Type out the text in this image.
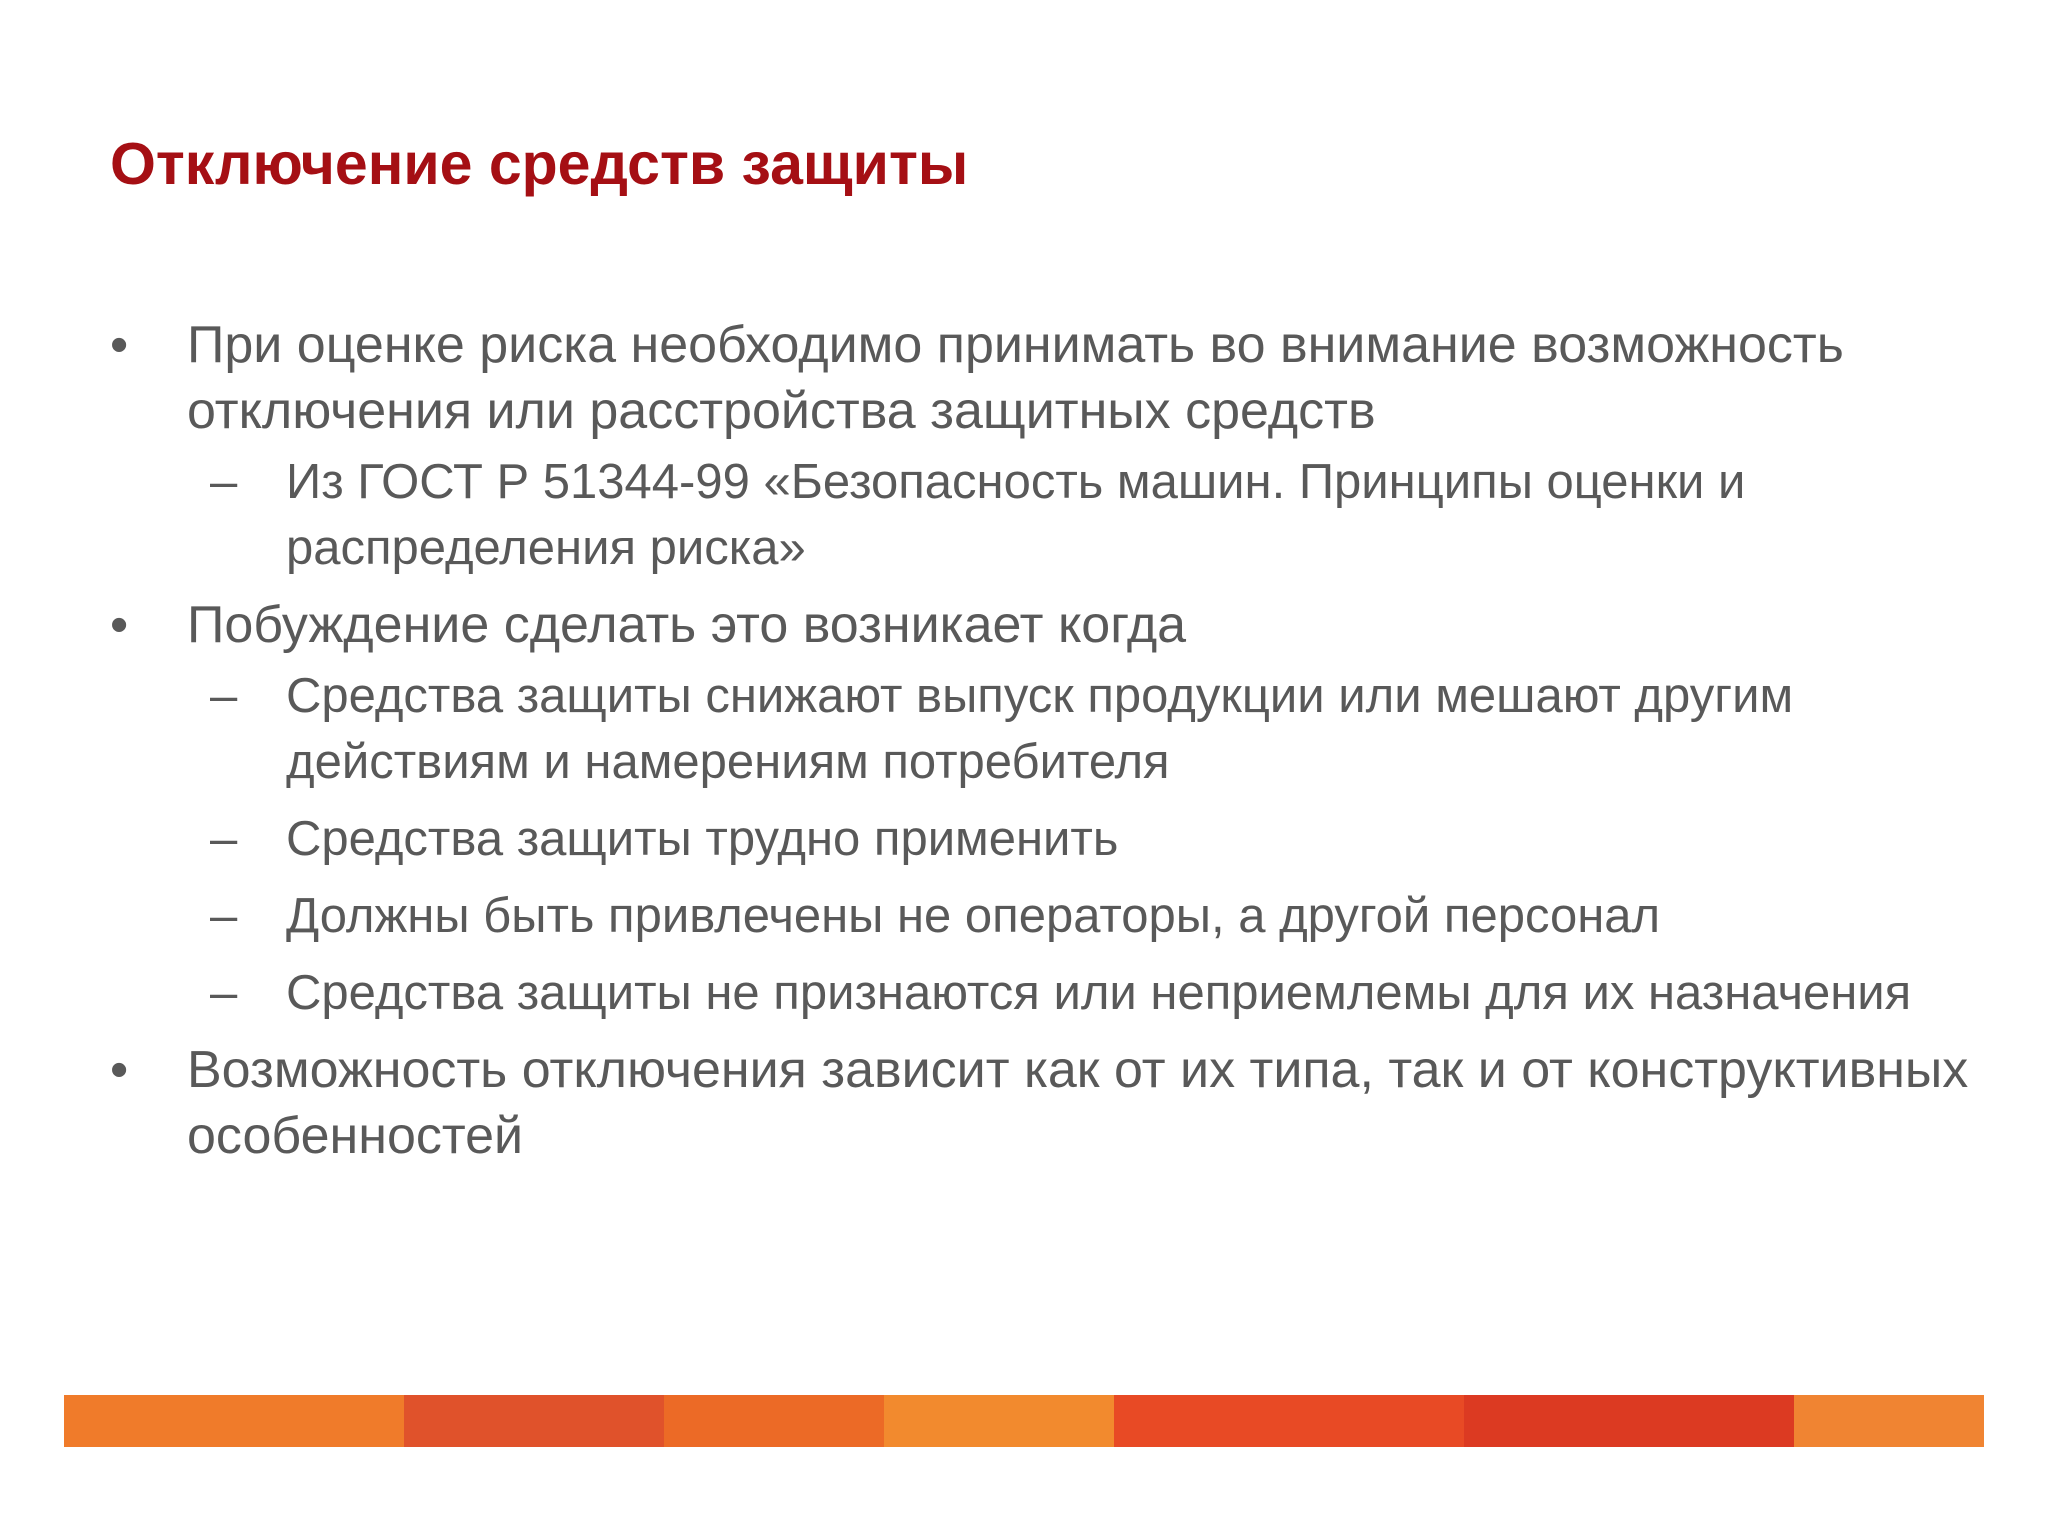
Отключение средств защиты
• При оценке риска необходимо принимать во внимание возможность отключения или расстройства защитных средств
– Из ГОСТ Р 51344-99 «Безопасность машин. Принципы оценки и распределения риска»
• Побуждение сделать это возникает когда
– Средства защиты снижают выпуск продукции или мешают другим действиям и намерениям потребителя
– Средства защиты трудно применить
– Должны быть привлечены не операторы, а другой персонал
– Средства защиты не признаются или неприемлемы для их назначения
• Возможность отключения зависит как от их типа, так и от конструктивных особенностей
